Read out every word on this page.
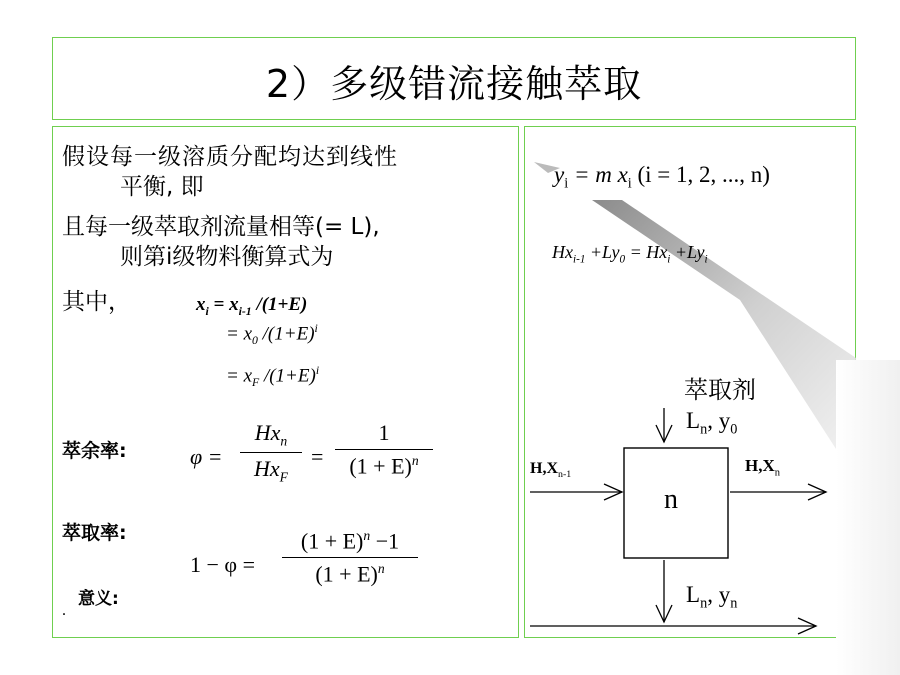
2）多级错流接触萃取
假设每一级溶质分配均达到线性
平衡, 即
且每一级萃取剂流量相等(= L),
则第i级物料衡算式为
其中，	$x_i = x_{i-1}$ /(1+E)
= $x_0$ $/(1+E)^i$
= $x_F$ $/(1+E)^i$
萃余率:	φ =
$Hx_n$
$Hx_F$
=
1
$(1 + E)^n$
萃取率:
1 − φ =
$(1 + E)^n -1$
$(1 + E)^n$
意义:
.
$y_i = m$ $x_i$ (i = 1, 2, ..., n)
$Hx_{i-1} +Ly_0 = Hx_i +Ly_i$
萃取剂
$L_n$, $y_0$
$H,X_{n-1}$	$H,X_n$
n
$L_n$, $y_n$
